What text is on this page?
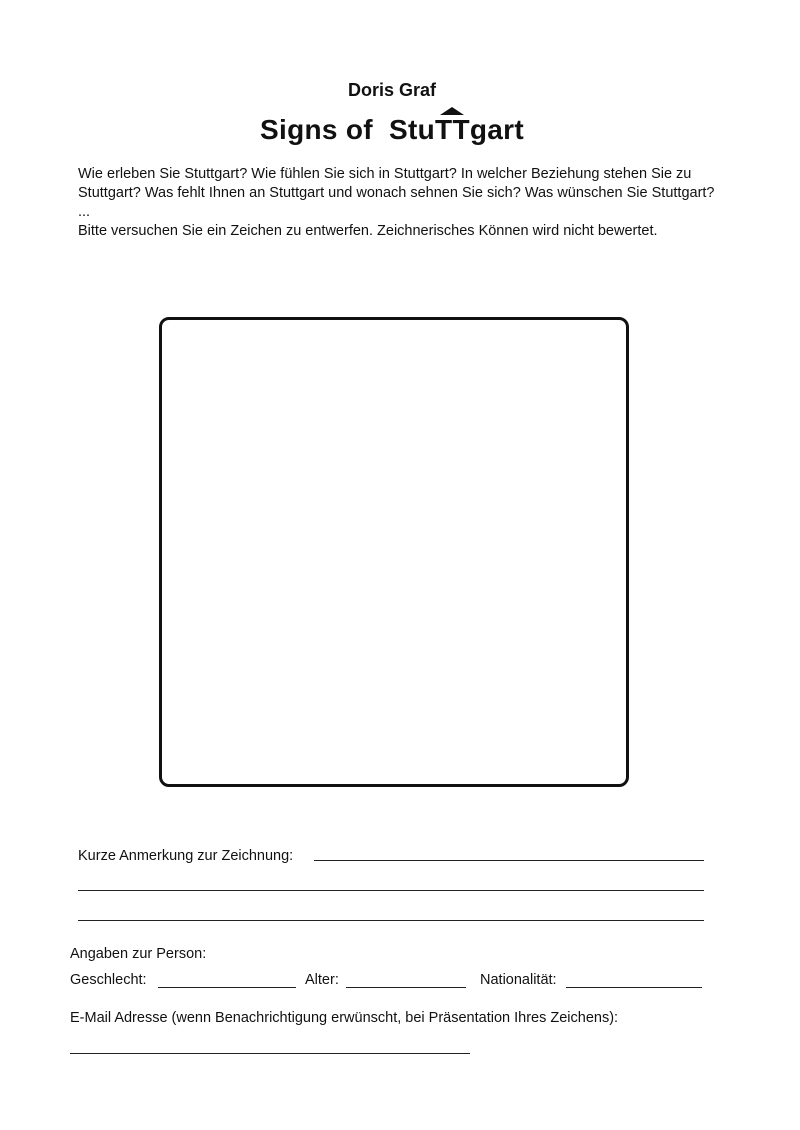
Doris Graf
Signs of  Stu
TTgart

Wie erleben Sie Stuttgart? Wie fühlen Sie sich in Stuttgart? In welcher Beziehung stehen Sie zu Stuttgart? Was fehlt Ihnen an Stuttgart und wonach sehnen Sie sich? Was wünschen Sie Stuttgart? ...

Bitte versuchen Sie ein Zeichen zu entwerfen. Zeichnerisches Können wird nicht bewertet.

Kurze Anmerkung zur Zeichnung:
Angaben zur Person:
Geschlecht:	Alter:	Nationalität:
E-Mail Adresse (wenn Benachrichtigung erwünscht, bei Präsentation Ihres Zeichens):
